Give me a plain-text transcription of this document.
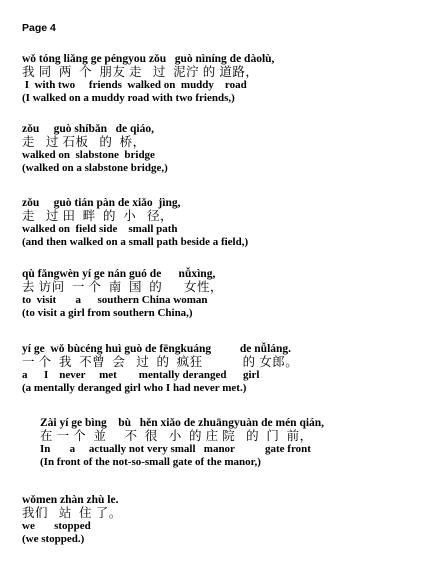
Page 4
wǒ tóng liǎng ge péngyou zǒu   guò nìníng de dàolù,
我 同  两  个  朋友 走   过  泥泞 的 道路，
I  with two     friends  walked on  muddy    road
(I walked on a muddy road with two friends,)
zǒu     guò shíbǎn   de qiáo,
走   过 石板   的  桥，
walked on  slabstone  bridge
(walked on a slabstone bridge,)
zǒu     guò tián pàn de xiǎo  jìng,
走   过 田  畔  的  小   径，
walked on  field side    small path
(and then walked on a small path beside a field,)
qù fǎngwèn yí ge nán guó de      nǚxìng,
去 访问  一 个  南  国  的      女性，
to  visit       a      southern China woman
(to visit a girl from southern China,)
yí ge  wǒ bùcéng huì guò de fēngkuáng          de nǚláng.
一 个  我  不曾  会   过  的  疯狂           的 女郎。
a      I    never     met        mentally deranged      girl
(a mentally deranged girl who I had never met.)
Zài yí ge bìng    bù   hěn xiǎo de zhuāngyuàn de mén qián,
在 一 个  並     不  很   小  的 庄 院   的  门  前，
In       a     actually not very small   manor           gate front
(In front of the not-so-small gate of the manor,)
wǒmen zhàn zhù le.
我们   站  住 了。
we       stopped
(we stopped.)
